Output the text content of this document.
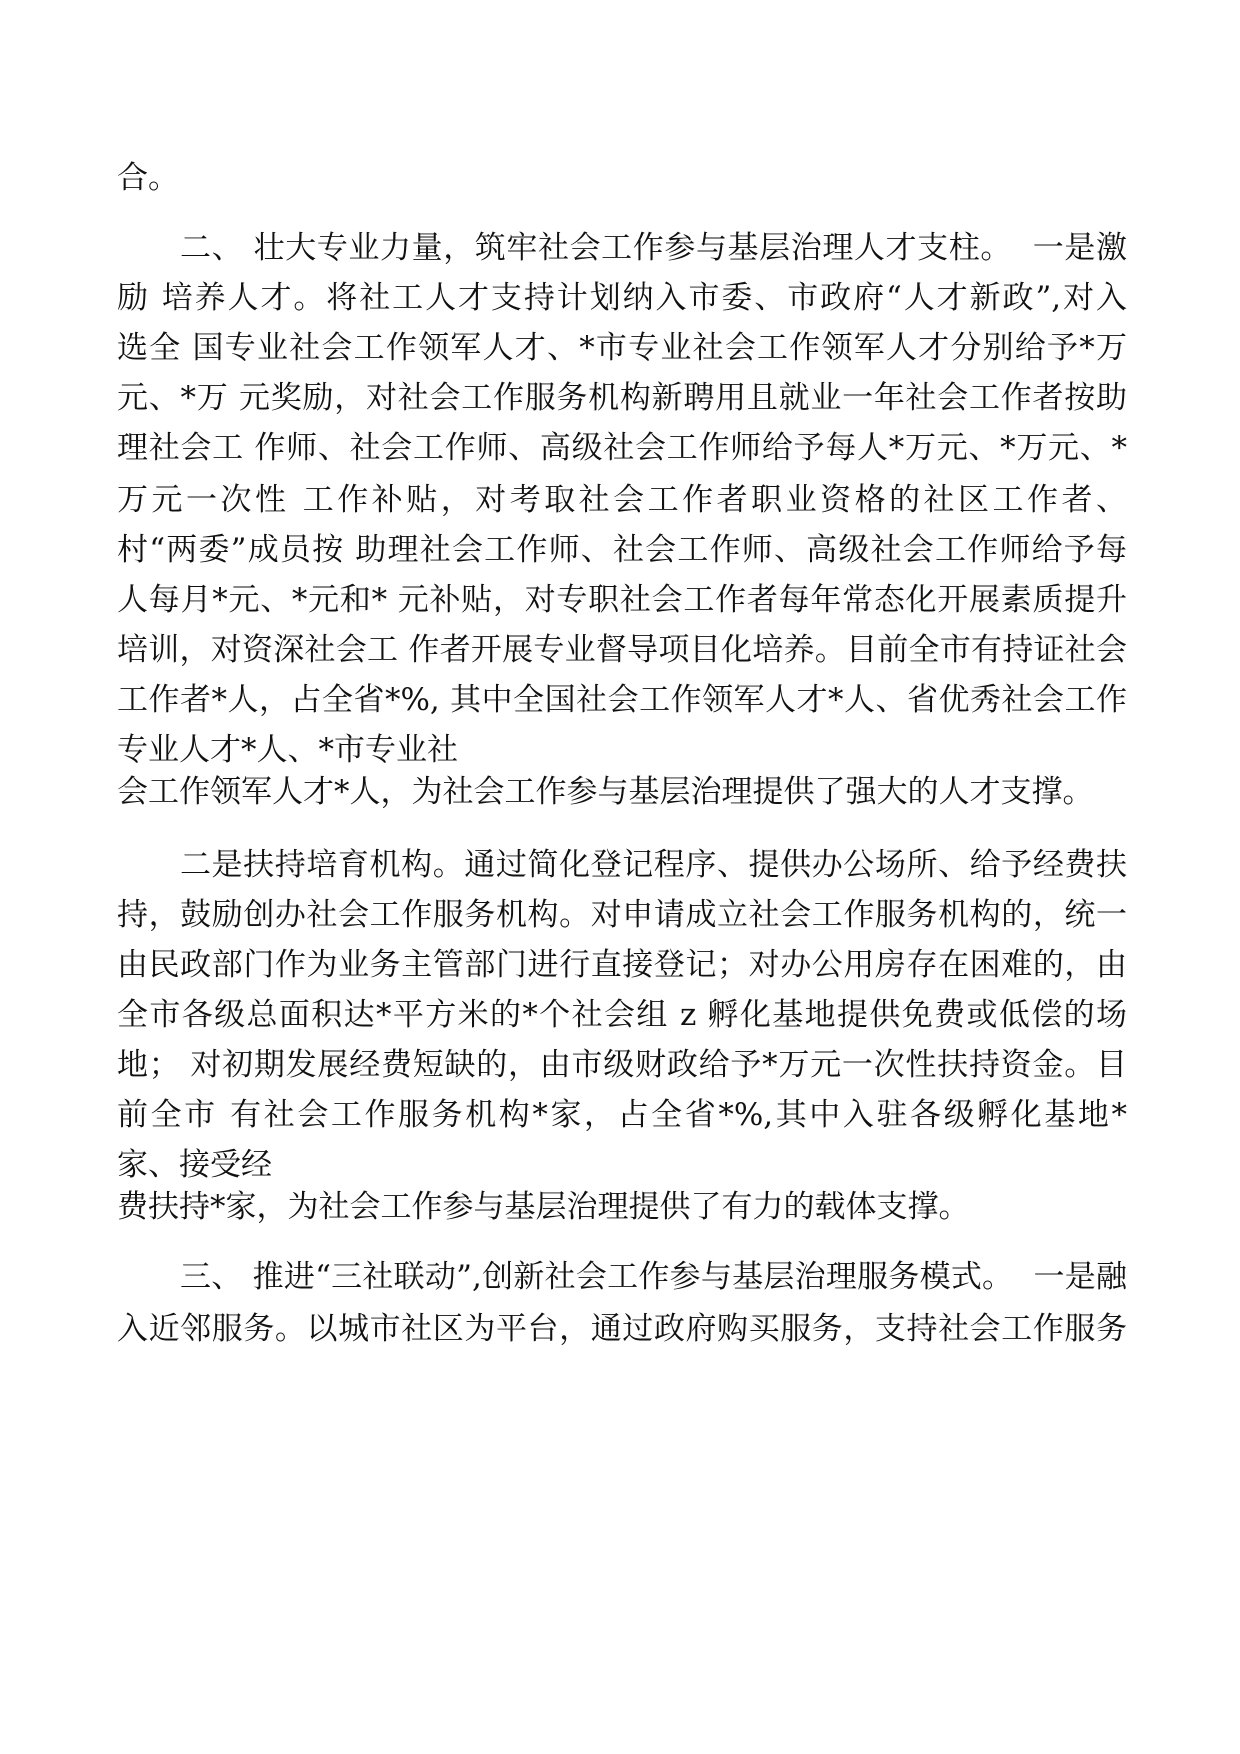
合。
二、 壮大专业力量，筑牢社会工作参与基层治理人才支柱。  一是激
励 培养人才。将社工人才支持计划纳入市委、市政府“人才新政”,对入
选全 国专业社会工作领军人才、*市专业社会工作领军人才分别给予*万
元、*万 元奖励，对社会工作服务机构新聘用且就业一年社会工作者按助
理社会工 作师、社会工作师、高级社会工作师给予每人*万元、*万元、*
万元一次性 工作补贴，对考取社会工作者职业资格的社区工作者、
村“两委”成员按 助理社会工作师、社会工作师、高级社会工作师给予每
人每月*元、*元和* 元补贴，对专职社会工作者每年常态化开展素质提升
培训，对资深社会工 作者开展专业督导项目化培养。目前全市有持证社会
工作者*人，占全省*%, 其中全国社会工作领军人才*人、省优秀社会工作
专业人才*人、*市专业社
会工作领军人才*人，为社会工作参与基层治理提供了强大的人才支撑。
二是扶持培育机构。通过简化登记程序、提供办公场所、给予经费扶
持，鼓励创办社会工作服务机构。对申请成立社会工作服务机构的，统一
由民政部门作为业务主管部门进行直接登记；对办公用房存在困难的，由
全市各级总面积达*平方米的*个社会组 z 孵化基地提供免费或低偿的场
地； 对初期发展经费短缺的，由市级财政给予*万元一次性扶持资金。目
前全市 有社会工作服务机构*家，占全省*%,其中入驻各级孵化基地*
家、接受经
费扶持*家，为社会工作参与基层治理提供了有力的载体支撑。
三、 推进“三社联动”,创新社会工作参与基层治理服务模式。  一是融
入近邻服务。以城市社区为平台，通过政府购买服务，支持社会工作服务
